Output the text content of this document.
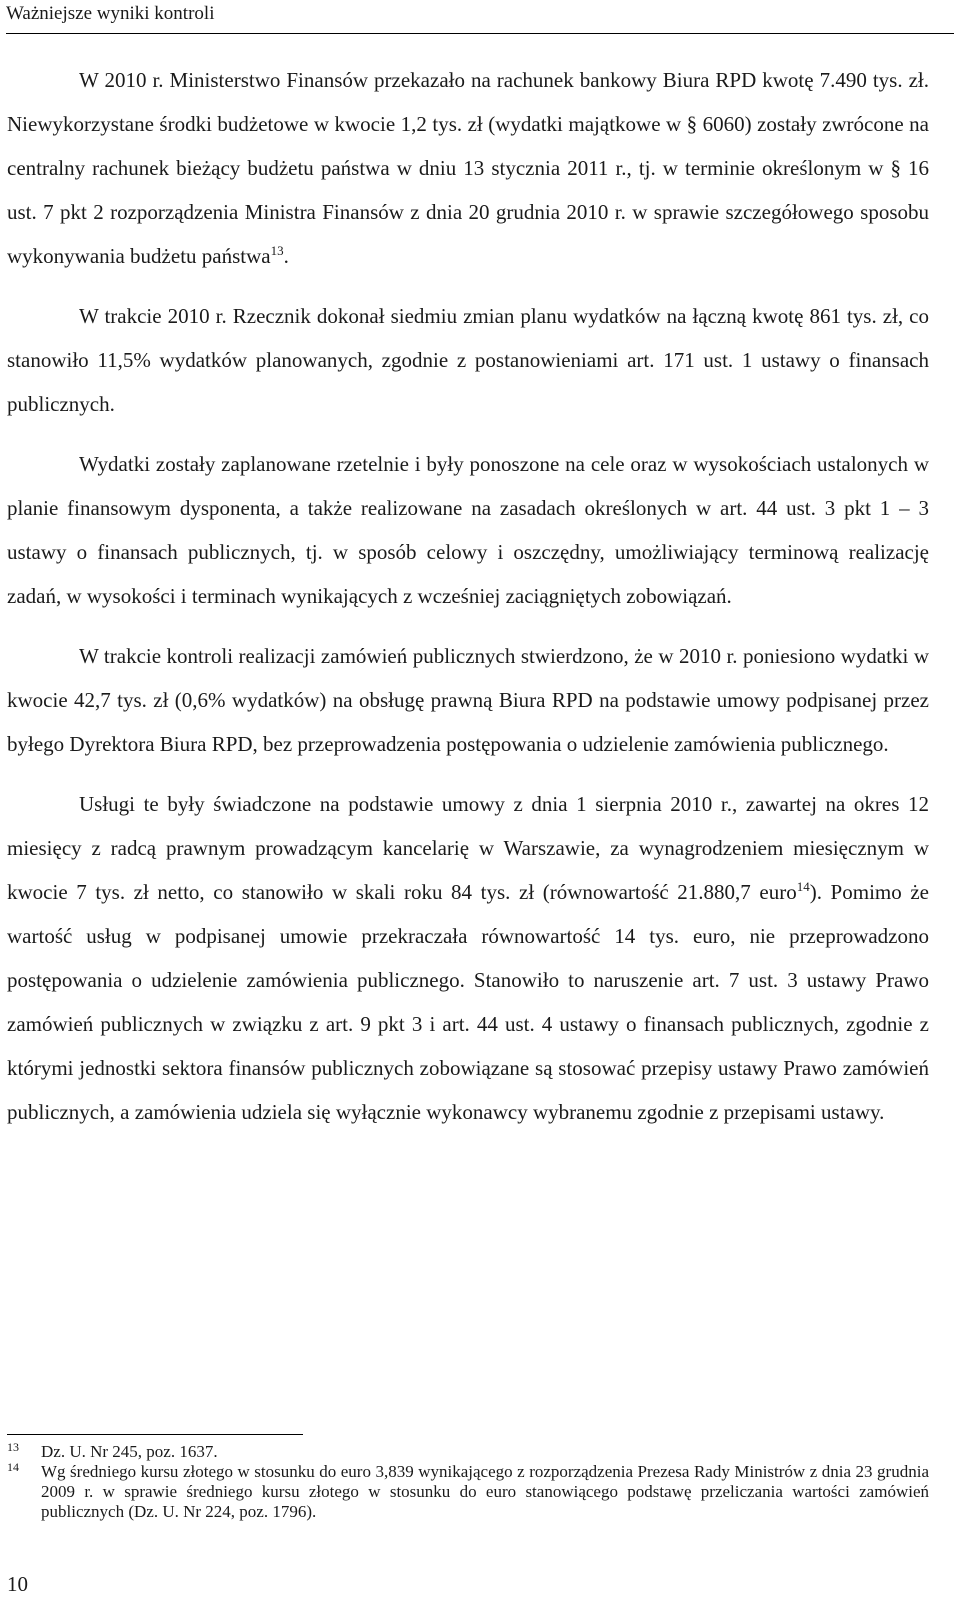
Ważniejsze wyniki kontroli

W 2010 r. Ministerstwo Finansów przekazało na rachunek bankowy Biura RPD kwotę 7.490 tys. zł. Niewykorzystane środki budżetowe w kwocie 1,2 tys. zł (wydatki majątkowe w § 6060) zostały zwrócone na centralny rachunek bieżący budżetu państwa w dniu 13 stycznia 2011 r., tj. w terminie określonym w § 16 ust. 7 pkt 2 rozporządzenia Ministra Finansów z dnia 20 grudnia 2010 r. w sprawie szczegółowego sposobu wykonywania budżetu państwa$^{13}$.

W trakcie 2010 r. Rzecznik dokonał siedmiu zmian planu wydatków na łączną kwotę 861 tys. zł, co stanowiło 11,5% wydatków planowanych, zgodnie z postanowieniami art. 171 ust. 1 ustawy o finansach publicznych.

Wydatki zostały zaplanowane rzetelnie i były ponoszone na cele oraz w wysokościach ustalonych w planie finansowym dysponenta, a także realizowane na zasadach określonych w art. 44 ust. 3 pkt 1 – 3 ustawy o finansach publicznych, tj. w sposób celowy i oszczędny, umożliwiający terminową realizację zadań, w wysokości i terminach wynikających z wcześniej zaciągniętych zobowiązań.

W trakcie kontroli realizacji zamówień publicznych stwierdzono, że w 2010 r. poniesiono wydatki w kwocie 42,7 tys. zł (0,6% wydatków) na obsługę prawną Biura RPD na podstawie umowy podpisanej przez byłego Dyrektora Biura RPD, bez przeprowadzenia postępowania o udzielenie zamówienia publicznego.

Usługi te były świadczone na podstawie umowy z dnia 1 sierpnia 2010 r., zawartej na okres 12 miesięcy z radcą prawnym prowadzącym kancelarię w Warszawie, za wynagrodzeniem miesięcznym w kwocie 7 tys. zł netto, co stanowiło w skali roku 84 tys. zł (równowartość 21.880,7 euro$^{14}$). Pomimo że wartość usług w podpisanej umowie przekraczała równowartość 14 tys. euro, nie przeprowadzono postępowania o udzielenie zamówienia publicznego. Stanowiło to naruszenie art. 7 ust. 3 ustawy Prawo zamówień publicznych w związku z art. 9 pkt 3 i art. 44 ust. 4 ustawy o finansach publicznych, zgodnie z którymi jednostki sektora finansów publicznych zobowiązane są stosować przepisy ustawy Prawo zamówień publicznych, a zamówienia udziela się wyłącznie wykonawcy wybranemu zgodnie z przepisami ustawy.

13 Dz. U. Nr 245, poz. 1637.
14 Wg średniego kursu złotego w stosunku do euro 3,839 wynikającego z rozporządzenia Prezesa Rady Ministrów z dnia 23 grudnia 2009 r. w sprawie średniego kursu złotego w stosunku do euro stanowiącego podstawę przeliczania wartości zamówień publicznych (Dz. U. Nr 224, poz. 1796).
10
